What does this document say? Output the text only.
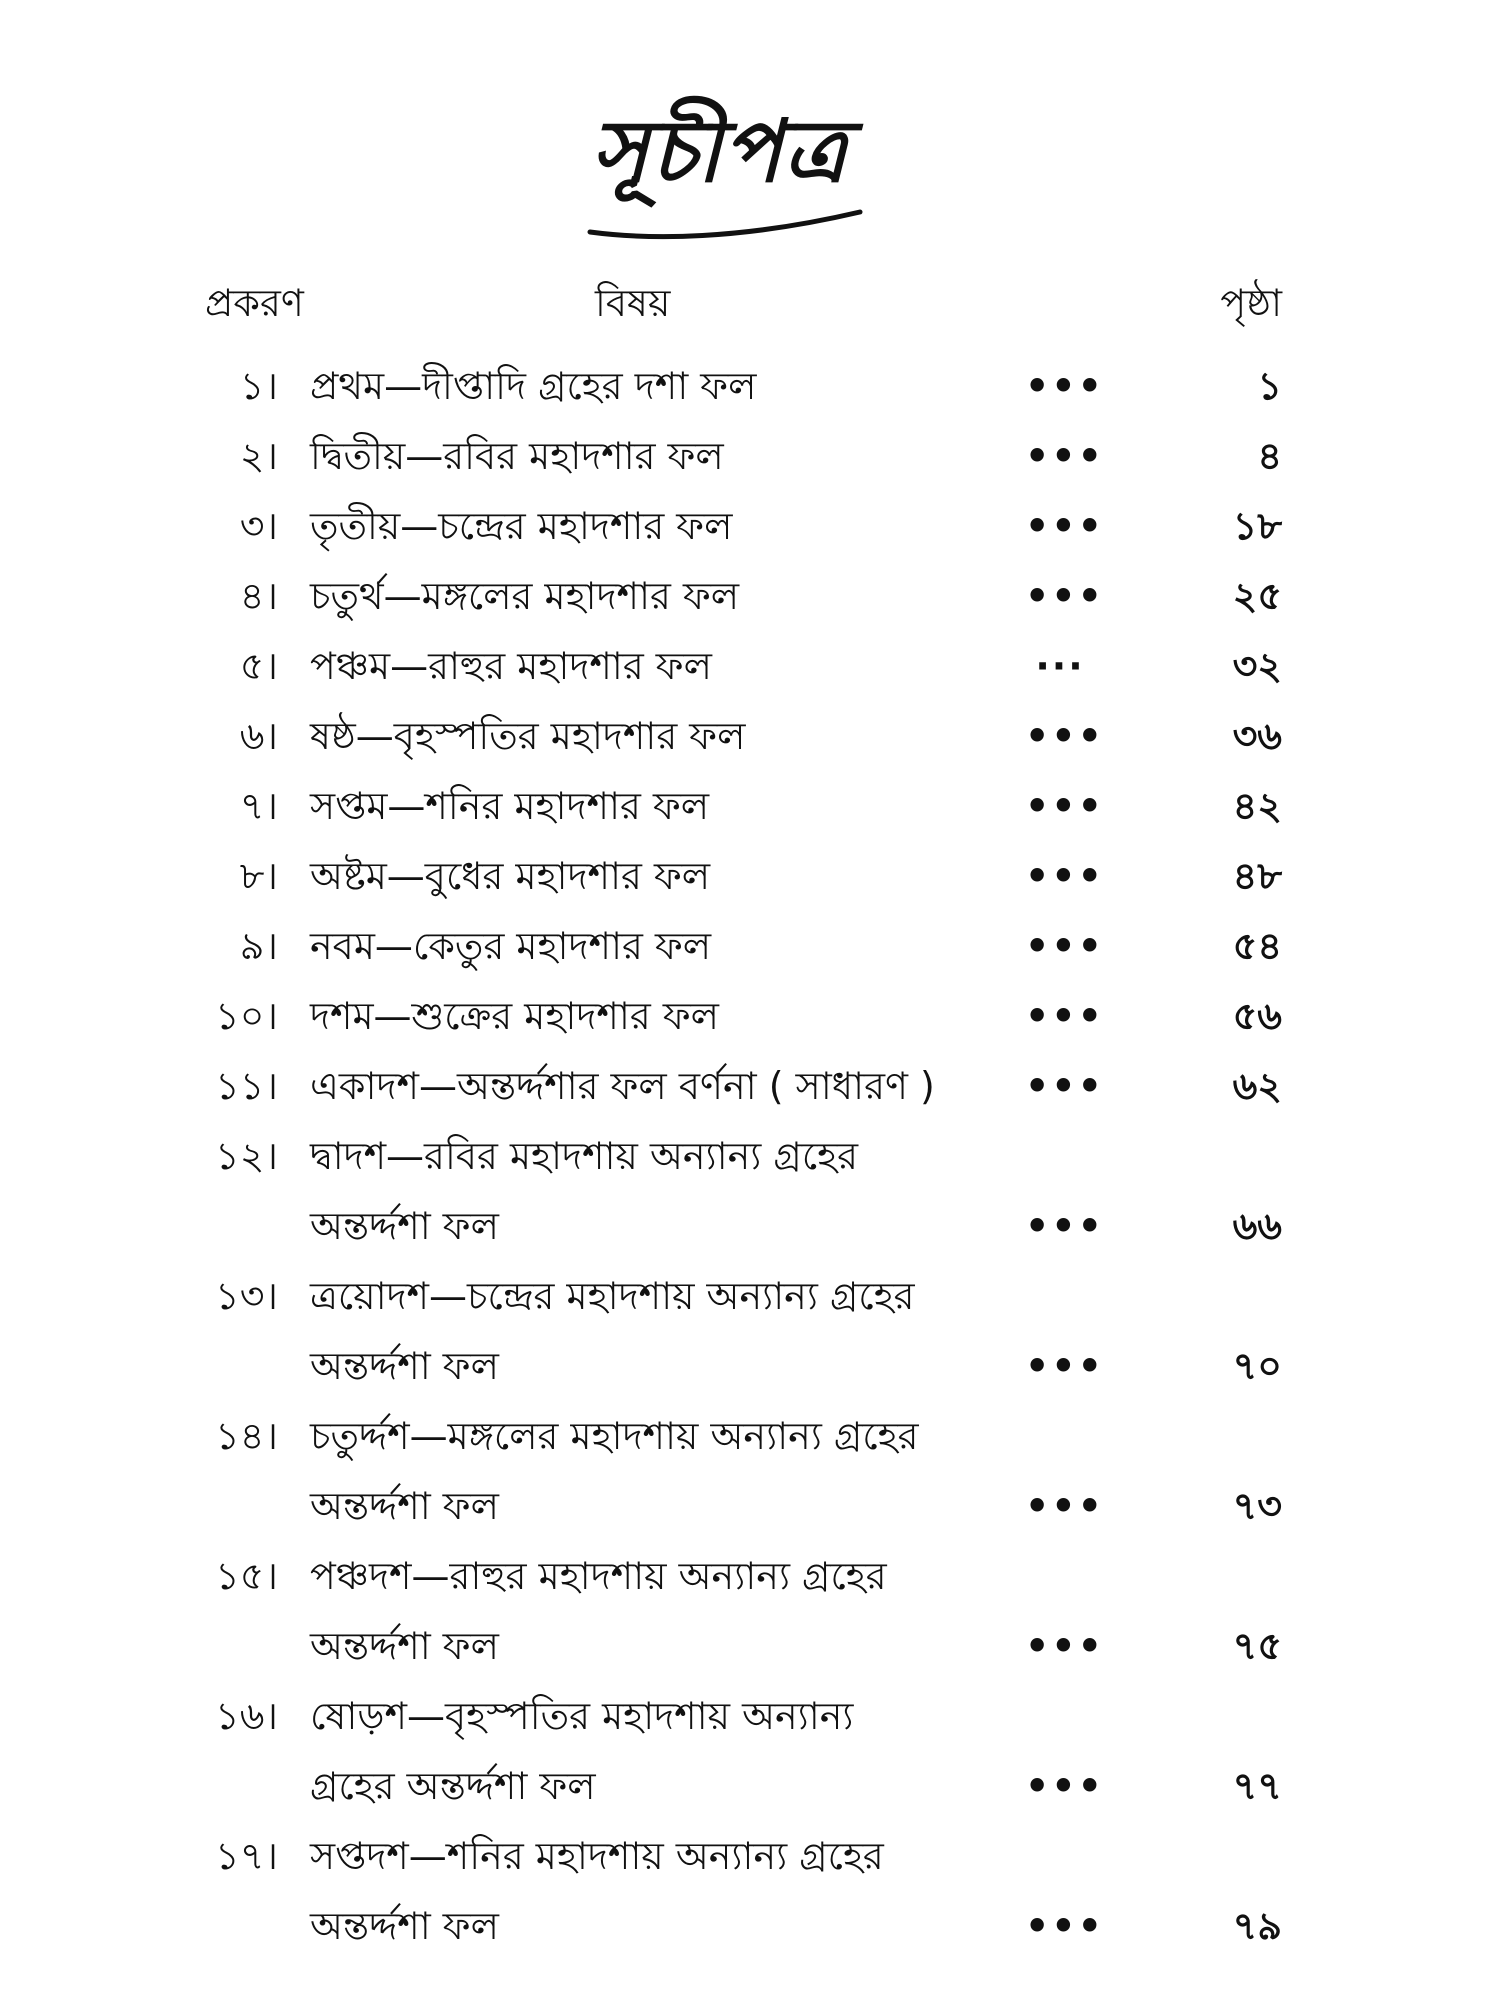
সূচীপত্র
প্রকরণ	বিষয়	পৃষ্ঠা
১। প্রথম—দীপ্তাদি গ্রহের দশা ফল	•••	১
২। দ্বিতীয়—রবির মহাদশার ফল	•••	৪
৩। তৃতীয়—চন্দ্রের মহাদশার ফল	•••	১৮
৪। চতুর্থ—মঙ্গলের মহাদশার ফল	•••	২৫
৫। পঞ্চম—রাহুর মহাদশার ফল	···	৩২
৬। ষষ্ঠ—বৃহস্পতির মহাদশার ফল	•••	৩৬
৭। সপ্তম—শনির মহাদশার ফল	•••	৪২
৮। অষ্টম—বুধের মহাদশার ফল	•••	৪৮
৯। নবম—কেতুর মহাদশার ফল	•••	৫৪
১০। দশম—শুক্রের মহাদশার ফল	•••	৫৬
১১। একাদশ—অন্তর্দ্দশার ফল বর্ণনা ( সাধারণ ) •••	৬২
১২। দ্বাদশ—রবির মহাদশায় অন্যান্য গ্রহের
অন্তর্দ্দশা ফল	•••	৬৬
১৩। ত্রয়োদশ—চন্দ্রের মহাদশায় অন্যান্য গ্রহের
অন্তর্দ্দশা ফল	•••	৭০
১৪। চতুর্দ্দশ—মঙ্গলের মহাদশায় অন্যান্য গ্রহের
অন্তর্দ্দশা ফল	•••	৭৩
১৫। পঞ্চদশ—রাহুর মহাদশায় অন্যান্য গ্রহের
অন্তর্দ্দশা ফল	•••	৭৫
১৬। ষোড়শ—বৃহস্পতির মহাদশায় অন্যান্য
গ্রহের অন্তর্দ্দশা ফল	•••	৭৭
১৭। সপ্তদশ—শনির মহাদশায় অন্যান্য গ্রহের
অন্তর্দ্দশা ফল	•••	৭৯
